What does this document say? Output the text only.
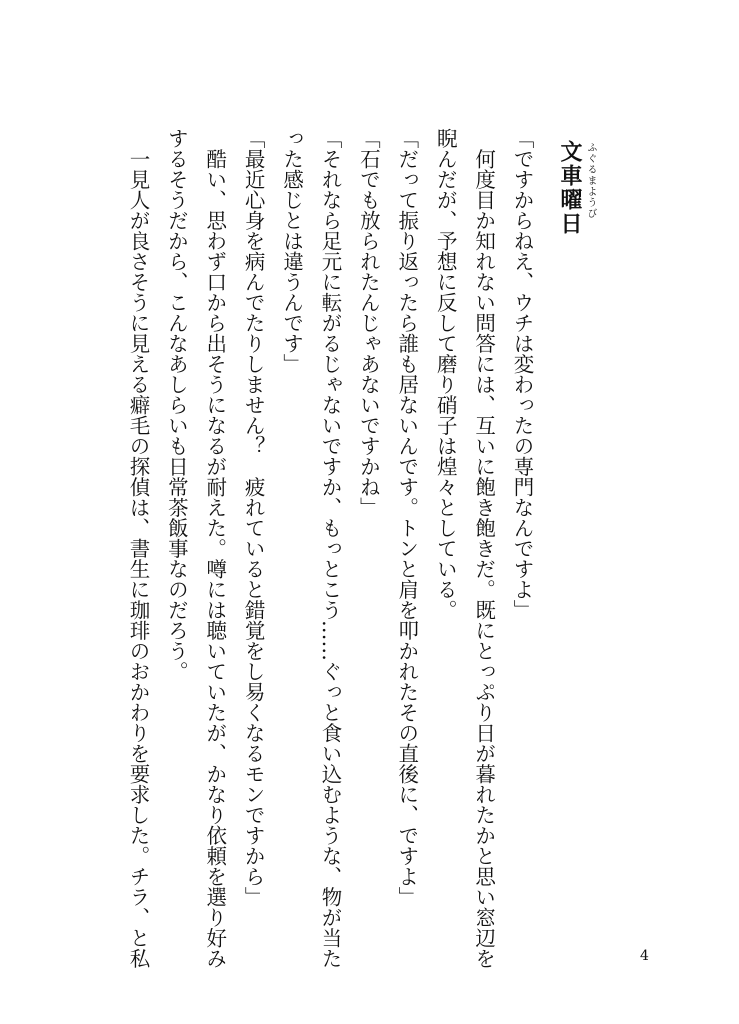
文車曜日 ふぐるまようび

「ですからねえ、ウチは変わったの専門なんですよ」

　何度目か知れない問答には、互いに飽き飽きだ。既にとっぷり日が暮れたかと思い窓辺を

睨んだが、予想に反して磨り硝子は煌々としている。

「だって振り返ったら誰も居ないんです。トンと肩を叩かれたその直後に、ですよ」

「石でも放られたんじゃあないですかね」

「それなら足元に転がるじゃないですか、もっとこう……ぐっと食い込むような、物が当た

った感じとは違うんです」

「最近心身を病んでたりしません？　疲れていると錯覚をし易くなるモンですから」

　酷い、思わず口から出そうになるが耐えた。噂には聴いていたが、かなり依頼を選り好み

するそうだから、こんなあしらいも日常茶飯事なのだろう。

　一見人が良さそうに見える癖毛の探偵は、書生に珈琲のおかわりを要求した。チラ、と私	4
